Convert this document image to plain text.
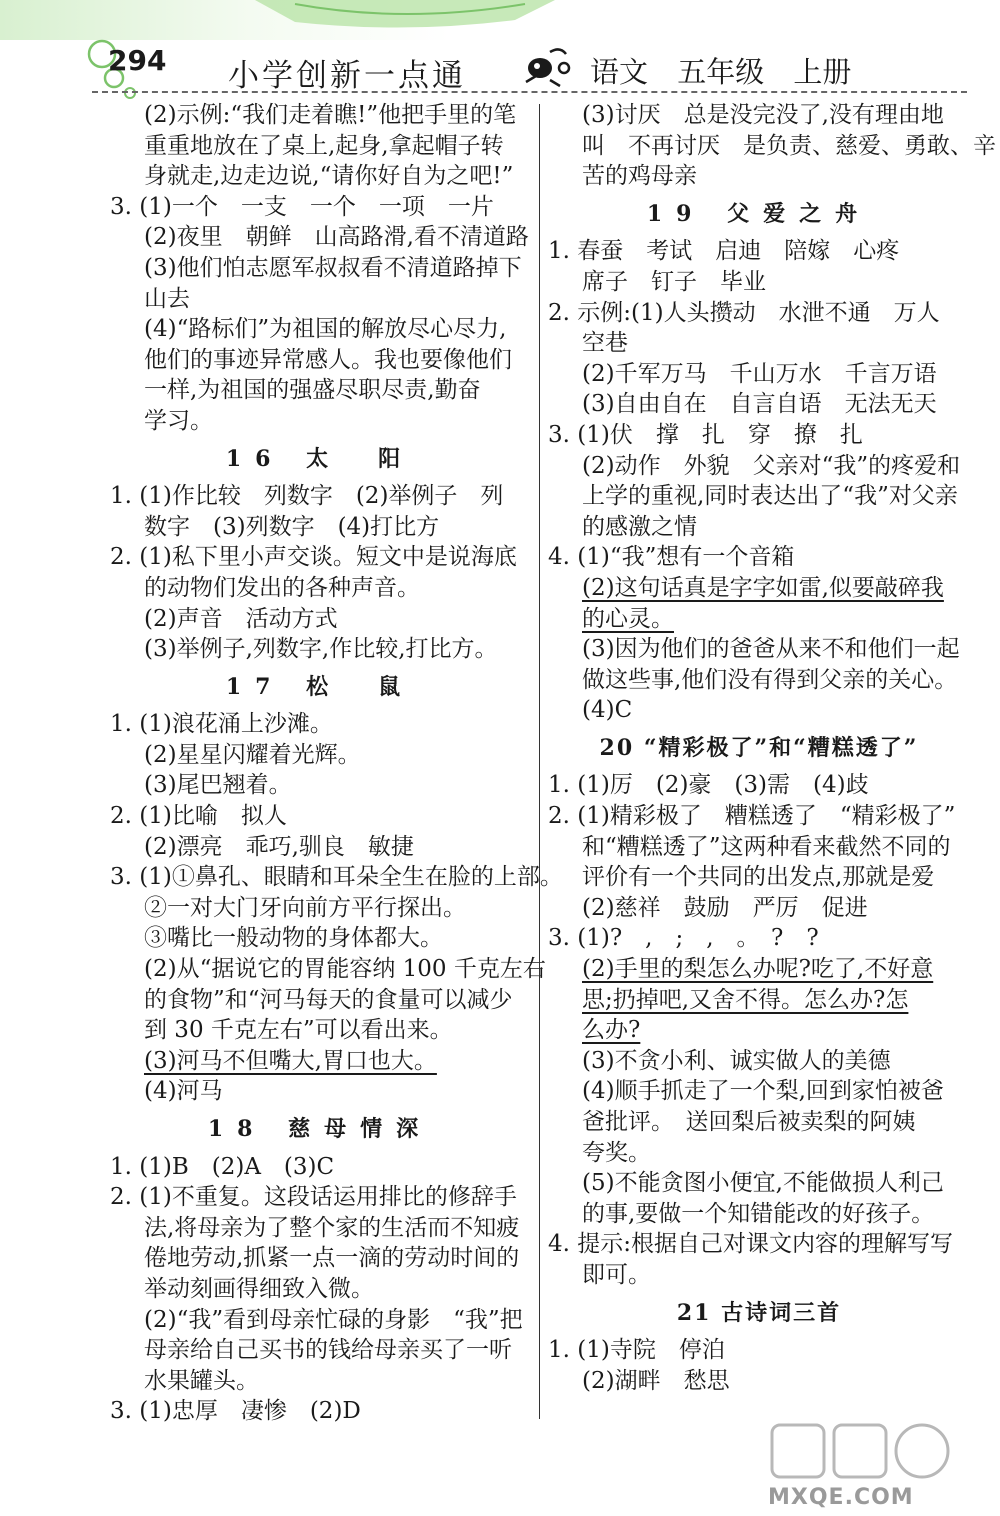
294 小学创新一点通	语文 五年级 上册
(2)示例:“我们走着瞧!”他把手里的笔
重重地放在了桌上,起身,拿起帽子转
身就走,边走边说,“请你好自为之吧!”
3. (1)一个　一支　一个　一项　一片
(2)夜里　朝鲜　山高路滑,看不清道路
(3)他们怕志愿军叔叔看不清道路掉下
山去
(4)“路标们”为祖国的解放尽心尽力,
他们的事迹异常感人。我也要像他们
一样,为祖国的强盛尽职尽责,勤奋
学习。
16 太　阳
1. (1)作比较　列数字　(2)举例子　列
数字　(3)列数字　(4)打比方
2. (1)私下里小声交谈。短文中是说海底
的动物们发出的各种声音。
(2)声音　活动方式
(3)举例子,列数字,作比较,打比方。
17 松　鼠
1. (1)浪花涌上沙滩。
(2)星星闪耀着光辉。
(3)尾巴翘着。
2. (1)比喻　拟人
(2)漂亮　乖巧,驯良　敏捷
3. (1)①鼻孔、眼睛和耳朵全生在脸的上部。
②一对大门牙向前方平行探出。
③嘴比一般动物的身体都大。
(2)从“据说它的胃能容纳 100 千克左右
的食物”和“河马每天的食量可以减少
到 30 千克左右”可以看出来。
(3)河马不但嘴大,胃口也大。
(4)河马
18 慈母情深
1. (1)B　(2)A　(3)C
2. (1)不重复。这段话运用排比的修辞手
法,将母亲为了整个家的生活而不知疲
倦地劳动,抓紧一点一滴的劳动时间的
举动刻画得细致入微。
(2)“我”看到母亲忙碌的身影　“我”把
母亲给自己买书的钱给母亲买了一听
水果罐头。
3. (1)忠厚　凄惨　(2)D
(3)讨厌　总是没完没了,没有理由地
叫　不再讨厌　是负责、慈爱、勇敢、辛
苦的鸡母亲
19 父爱之舟
1. 春蚕　考试　启迪　陪嫁　心疼
席子　钉子　毕业
2. 示例:(1)人头攒动　水泄不通　万人
空巷
(2)千军万马　千山万水　千言万语
(3)自由自在　自言自语　无法无天
3. (1)伏　撑　扎　穿　撩　扎
(2)动作　外貌　父亲对“我”的疼爱和
上学的重视,同时表达出了“我”对父亲
的感激之情
4. (1)“我”想有一个音箱
(2)这句话真是字字如雷,似要敲碎我
的心灵。
(3)因为他们的爸爸从来不和他们一起
做这些事,他们没有得到父亲的关心。
(4)C
20 “精彩极了”和“糟糕透了”
1. (1)厉　(2)豪　(3)需　(4)歧
2. (1)精彩极了　糟糕透了　“精彩极了”
和“糟糕透了”这两种看来截然不同的
评价有一个共同的出发点,那就是爱
(2)慈祥　鼓励　严厉　促进
3. (1)?　,　;　,　。　?　?
(2)手里的梨怎么办呢?吃了,不好意
思;扔掉吧,又舍不得。怎么办?怎
么办?
(3)不贪小利、诚实做人的美德
(4)顺手抓走了一个梨,回到家怕被爸
爸批评。　送回梨后被卖梨的阿姨
夸奖。
(5)不能贪图小便宜,不能做损人利己
的事,要做一个知错能改的好孩子。
4. 提示:根据自己对课文内容的理解写写
即可。
21 古诗词三首
1. (1)寺院　停泊
(2)湖畔　愁思
MXQE.COM
